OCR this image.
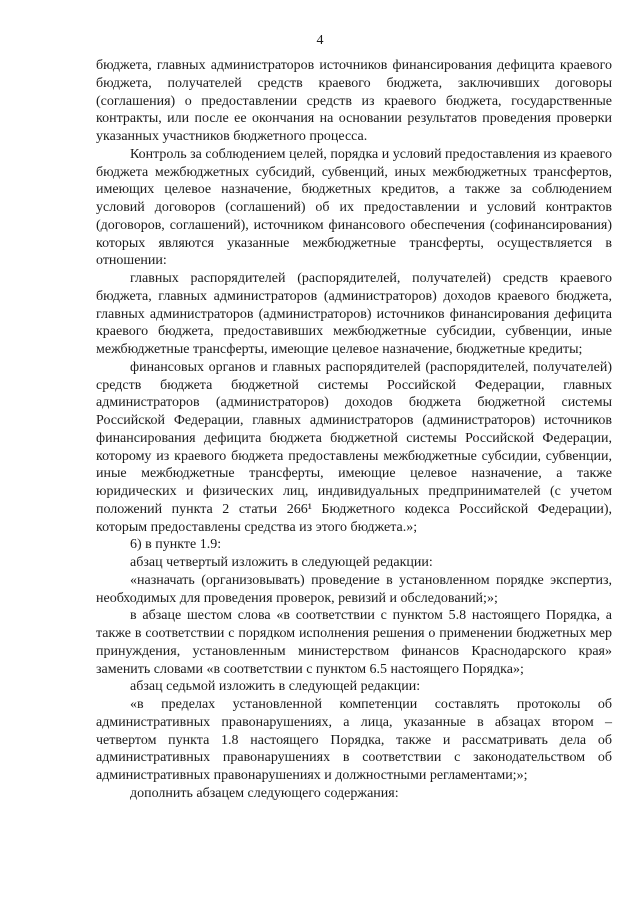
4

бюджета, главных администраторов источников финансирования дефицита краевого бюджета, получателей средств краевого бюджета, заключивших договоры (соглашения) о предоставлении средств из краевого бюджета, государственные контракты, или после ее окончания на основании результатов проведения проверки указанных участников бюджетного процесса.

Контроль за соблюдением целей, порядка и условий предоставления из краевого бюджета межбюджетных субсидий, субвенций, иных межбюджетных трансфертов, имеющих целевое назначение, бюджетных кредитов, а также за соблюдением условий договоров (соглашений) об их предоставлении и условий контрактов (договоров, соглашений), источником финансового обеспечения (софинансирования) которых являются указанные межбюджетные трансферты, осуществляется в отношении:

главных распорядителей (распорядителей, получателей) средств краевого бюджета, главных администраторов (администраторов) доходов краевого бюджета, главных администраторов (администраторов) источников финансирования дефицита краевого бюджета, предоставивших межбюджетные субсидии, субвенции, иные межбюджетные трансферты, имеющие целевое назначение, бюджетные кредиты;

финансовых органов и главных распорядителей (распорядителей, получателей) средств бюджета бюджетной системы Российской Федерации, главных администраторов (администраторов) доходов бюджета бюджетной системы Российской Федерации, главных администраторов (администраторов) источников финансирования дефицита бюджета бюджетной системы Российской Федерации, которому из краевого бюджета предоставлены межбюджетные субсидии, субвенции, иные межбюджетные трансферты, имеющие целевое назначение, а также юридических и физических лиц, индивидуальных предпринимателей (с учетом положений пункта 2 статьи 266¹ Бюджетного кодекса Российской Федерации), которым предоставлены средства из этого бюджета.»;

6) в пункте 1.9:

абзац четвертый изложить в следующей редакции:

«назначать (организовывать) проведение в установленном порядке экспертиз, необходимых для проведения проверок, ревизий и обследований;»;

в абзаце шестом слова «в соответствии с пунктом 5.8 настоящего Порядка, а также в соответствии с порядком исполнения решения о применении бюджетных мер принуждения, установленным министерством финансов Краснодарского края» заменить словами «в соответствии с пунктом 6.5 настоящего Порядка»;

абзац седьмой изложить в следующей редакции:

«в пределах установленной компетенции составлять протоколы об административных правонарушениях, а лица, указанные в абзацах втором – четвертом пункта 1.8 настоящего Порядка, также и рассматривать дела об административных правонарушениях в соответствии с законодательством об административных правонарушениях и должностными регламентами;»;

дополнить абзацем следующего содержания:
